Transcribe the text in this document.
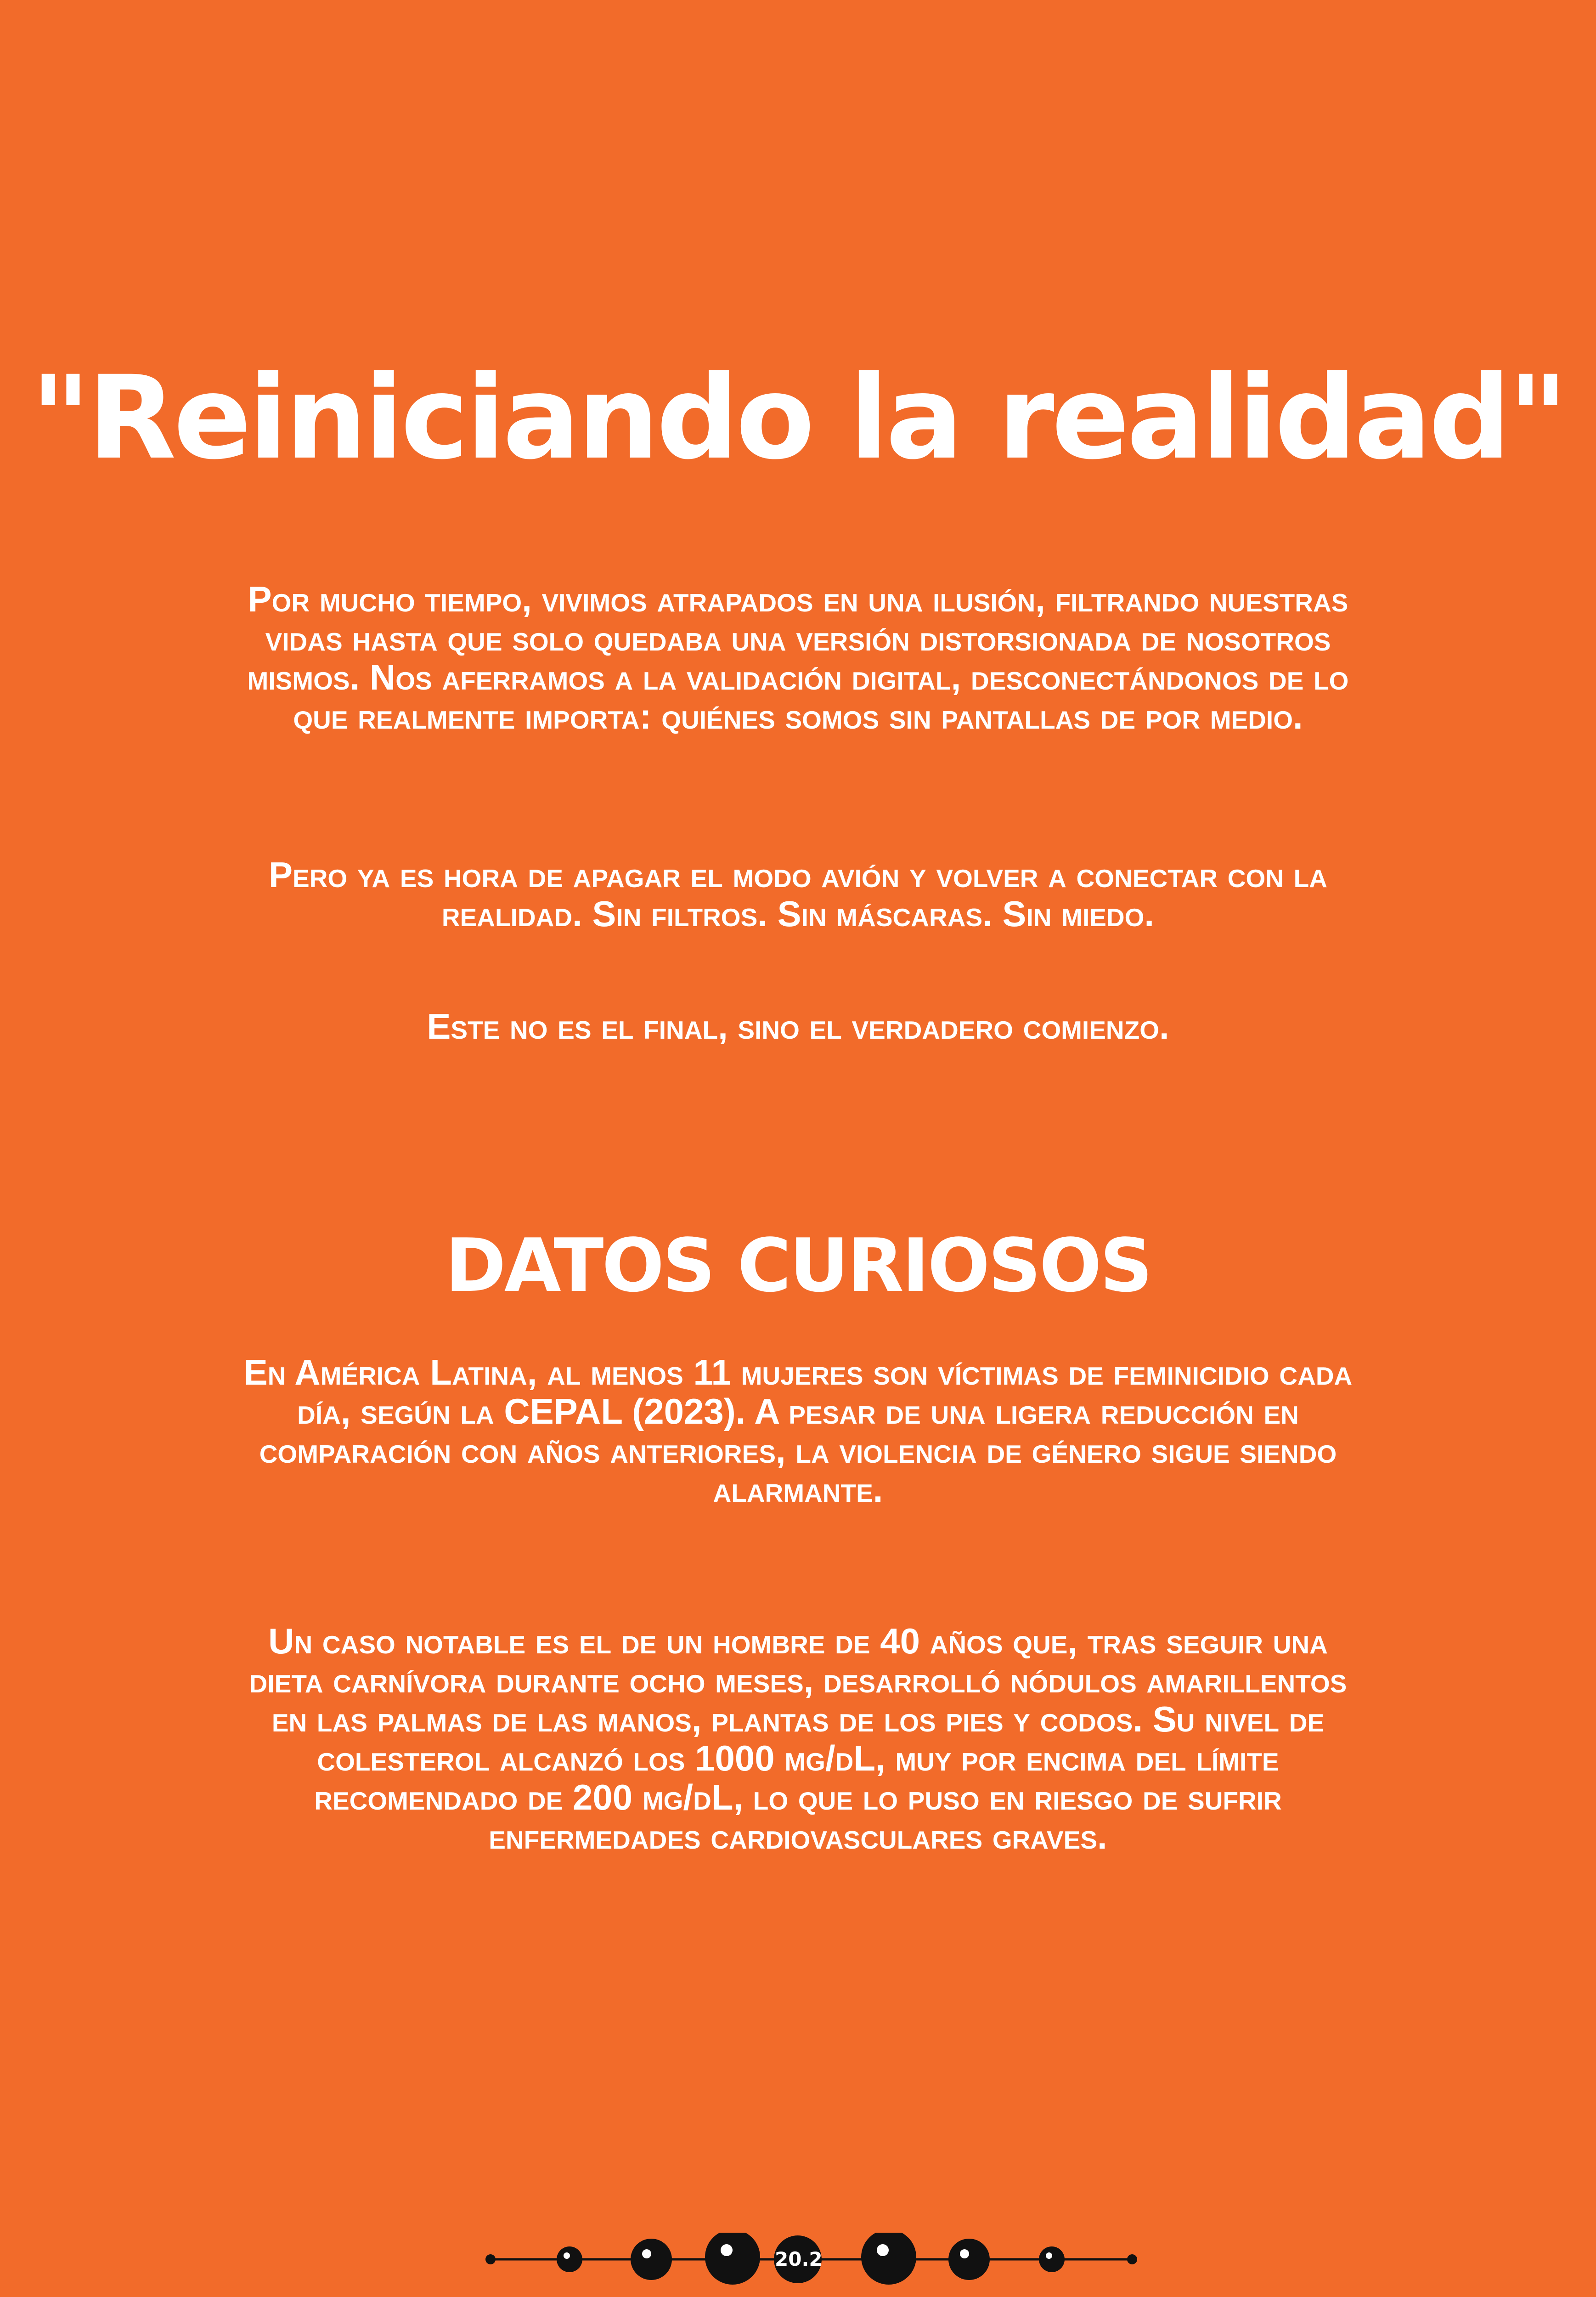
"Reiniciando la realidad"

Por mucho tiempo, vivimos atrapados en una ilusión, filtrando nuestras vidas hasta que solo quedaba una versión distorsionada de nosotros mismos. Nos aferramos a la validación digital, desconectándonos de lo que realmente importa: quiénes somos sin pantallas de por medio.

Pero ya es hora de apagar el modo avión y volver a conectar con la realidad. Sin filtros. Sin máscaras. Sin miedo.

Este no es el final, sino el verdadero comienzo.

DATOS CURIOSOS

En América Latina, al menos 11 mujeres son víctimas de feminicidio cada día, según la CEPAL (2023). A pesar de una ligera reducción en comparación con años anteriores, la violencia de género sigue siendo alarmante.

Un caso notable es el de un hombre de 40 años que, tras seguir una dieta carnívora durante ocho meses, desarrolló nódulos amarillentos en las palmas de las manos, plantas de los pies y codos. Su nivel de colesterol alcanzó los 1000 mg/dL, muy por encima del límite recomendado de 200 mg/dL, lo que lo puso en riesgo de sufrir enfermedades cardiovasculares graves.

20.2
